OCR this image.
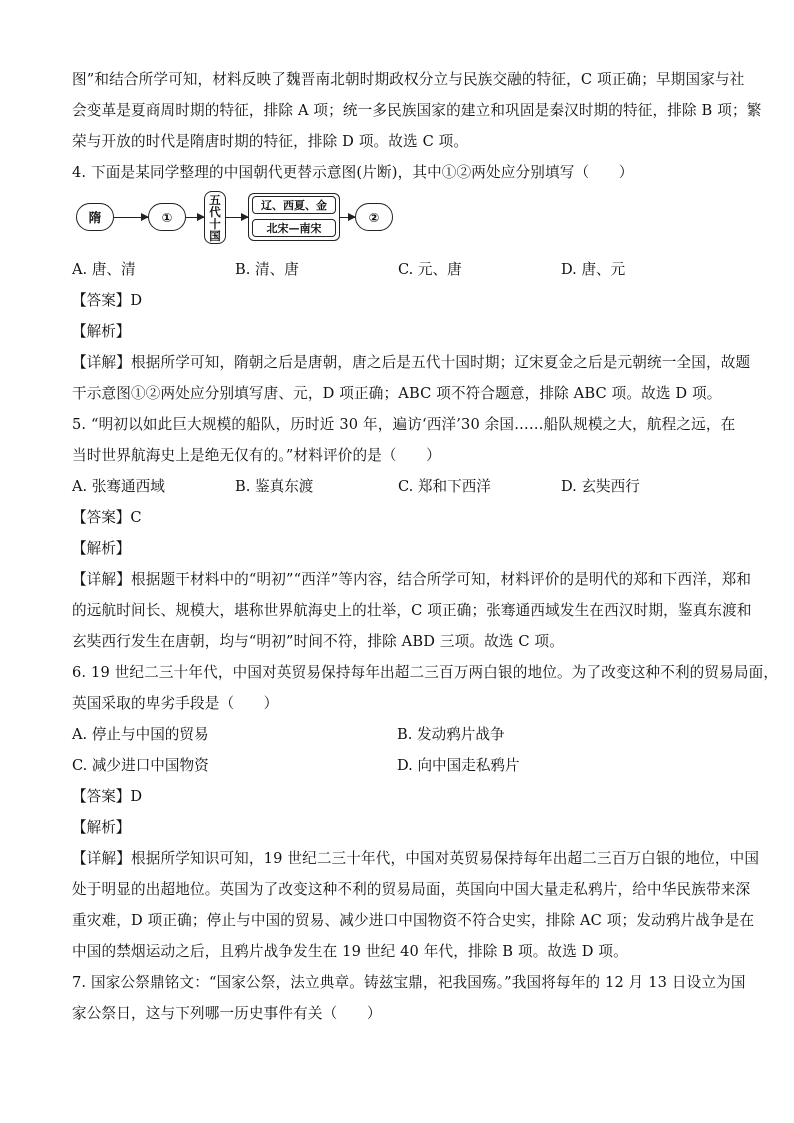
图”和结合所学可知，材料反映了魏晋南北朝时期政权分立与民族交融的特征，C 项正确；早期国家与社
会变革是夏商周时期的特征，排除 A 项；统一多民族国家的建立和巩固是秦汉时期的特征，排除 B 项；繁
荣与开放的时代是隋唐时期的特征，排除 D 项。故选 C 项。
4. 下面是某同学整理的中国朝代更替示意图(片断)，其中①②两处应分别填写（　　）
隋	①
五
代
十
国
辽、西夏、金
北宋—南宋
②
A. 唐、清	B. 清、唐	C. 元、唐	D. 唐、元
【答案】D
【解析】
【详解】根据所学可知，隋朝之后是唐朝，唐之后是五代十国时期；辽宋夏金之后是元朝统一全国，故题
干示意图①②两处应分别填写唐、元，D 项正确；ABC 项不符合题意，排除 ABC 项。故选 D 项。
5. “明初以如此巨大规模的船队，历时近 30 年，遍访‘西洋’30 余国……船队规模之大，航程之远，在
当时世界航海史上是绝无仅有的。”材料评价的是（　　）
A. 张骞通西域	B. 鉴真东渡	C. 郑和下西洋	D. 玄奘西行
【答案】C
【解析】
【详解】根据题干材料中的“明初”“西洋”等内容，结合所学可知，材料评价的是明代的郑和下西洋，郑和
的远航时间长、规模大，堪称世界航海史上的壮举，C 项正确；张骞通西域发生在西汉时期，鉴真东渡和
玄奘西行发生在唐朝，均与“明初”时间不符，排除 ABD 三项。故选 C 项。
6. 19 世纪二三十年代，中国对英贸易保持每年出超二三百万两白银的地位。为了改变这种不利的贸易局面，
英国采取的卑劣手段是（　　）
A. 停止与中国的贸易	B. 发动鸦片战争
C. 减少进口中国物资	D. 向中国走私鸦片
【答案】D
【解析】
【详解】根据所学知识可知，19 世纪二三十年代，中国对英贸易保持每年出超二三百万白银的地位，中国
处于明显的出超地位。英国为了改变这种不利的贸易局面，英国向中国大量走私鸦片，给中华民族带来深
重灾难，D 项正确；停止与中国的贸易、减少进口中国物资不符合史实，排除 AC 项；发动鸦片战争是在
中国的禁烟运动之后，且鸦片战争发生在 19 世纪 40 年代，排除 B 项。故选 D 项。
7. 国家公祭鼎铭文：“国家公祭，法立典章。铸兹宝鼎，祀我国殇。”我国将每年的 12 月 13 日设立为国
家公祭日，这与下列哪一历史事件有关（　　）
